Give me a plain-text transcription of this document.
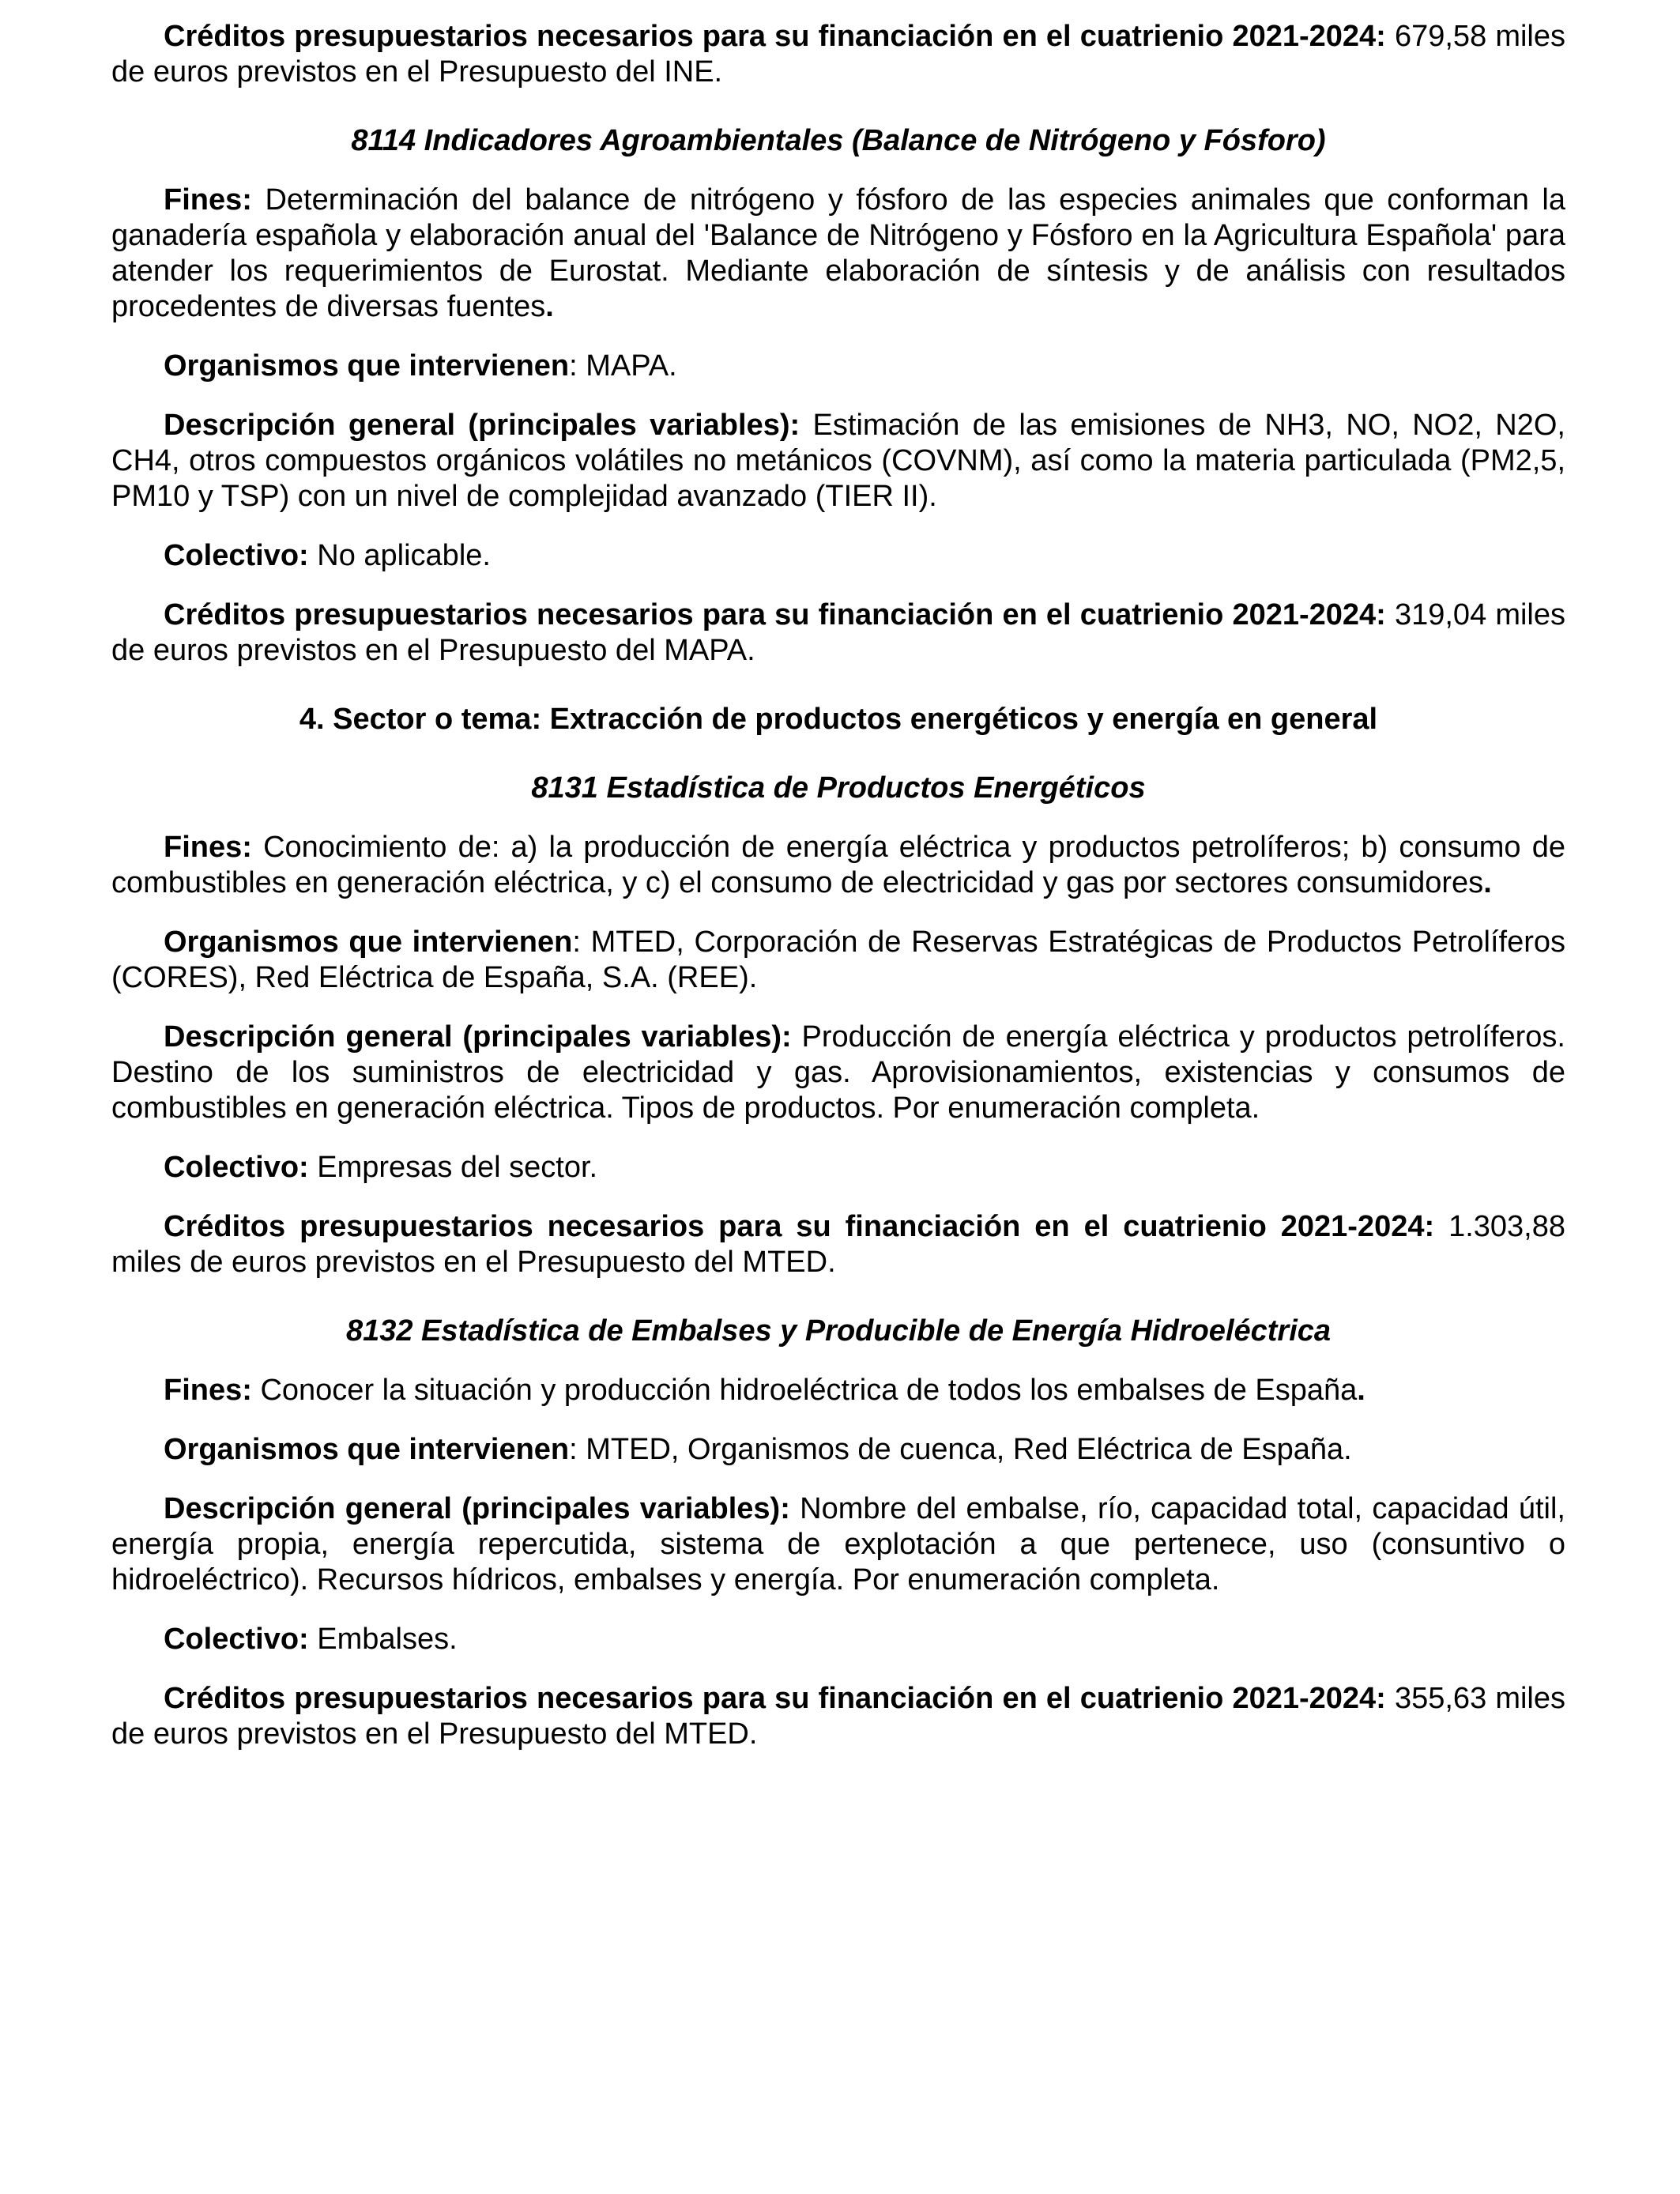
Créditos presupuestarios necesarios para su financiación en el cuatrienio 2021-2024: 679,58 miles de euros previstos en el Presupuesto del INE.

8114 Indicadores Agroambientales (Balance de Nitrógeno y Fósforo)

Fines: Determinación del balance de nitrógeno y fósforo de las especies animales que conforman la ganadería española y elaboración anual del 'Balance de Nitrógeno y Fósforo en la Agricultura Española' para atender los requerimientos de Eurostat. Mediante elaboración de síntesis y de análisis con resultados procedentes de diversas fuentes.

Organismos que intervienen: MAPA.

Descripción general (principales variables): Estimación de las emisiones de NH3, NO, NO2, N2O, CH4, otros compuestos orgánicos volátiles no metánicos (COVNM), así como la materia particulada (PM2,5, PM10 y TSP) con un nivel de complejidad avanzado (TIER II).

Colectivo: No aplicable.

Créditos presupuestarios necesarios para su financiación en el cuatrienio 2021-2024: 319,04 miles de euros previstos en el Presupuesto del MAPA.

4. Sector o tema: Extracción de productos energéticos y energía en general
8131 Estadística de Productos Energéticos

Fines: Conocimiento de: a) la producción de energía eléctrica y productos petrolíferos; b) consumo de combustibles en generación eléctrica, y c) el consumo de electricidad y gas por sectores consumidores.

Organismos que intervienen: MTED, Corporación de Reservas Estratégicas de Productos Petrolíferos (CORES), Red Eléctrica de España, S.A. (REE).

Descripción general (principales variables): Producción de energía eléctrica y productos petrolíferos. Destino de los suministros de electricidad y gas. Aprovisionamientos, existencias y consumos de combustibles en generación eléctrica. Tipos de productos. Por enumeración completa.

Colectivo: Empresas del sector.

Créditos presupuestarios necesarios para su financiación en el cuatrienio 2021-2024: 1.303,88 miles de euros previstos en el Presupuesto del MTED.

8132 Estadística de Embalses y Producible de Energía Hidroeléctrica

Fines: Conocer la situación y producción hidroeléctrica de todos los embalses de España.

Organismos que intervienen: MTED, Organismos de cuenca, Red Eléctrica de España.

Descripción general (principales variables): Nombre del embalse, río, capacidad total, capacidad útil, energía propia, energía repercutida, sistema de explotación a que pertenece, uso (consuntivo o hidroeléctrico). Recursos hídricos, embalses y energía. Por enumeración completa.

Colectivo: Embalses.

Créditos presupuestarios necesarios para su financiación en el cuatrienio 2021-2024: 355,63 miles de euros previstos en el Presupuesto del MTED.
